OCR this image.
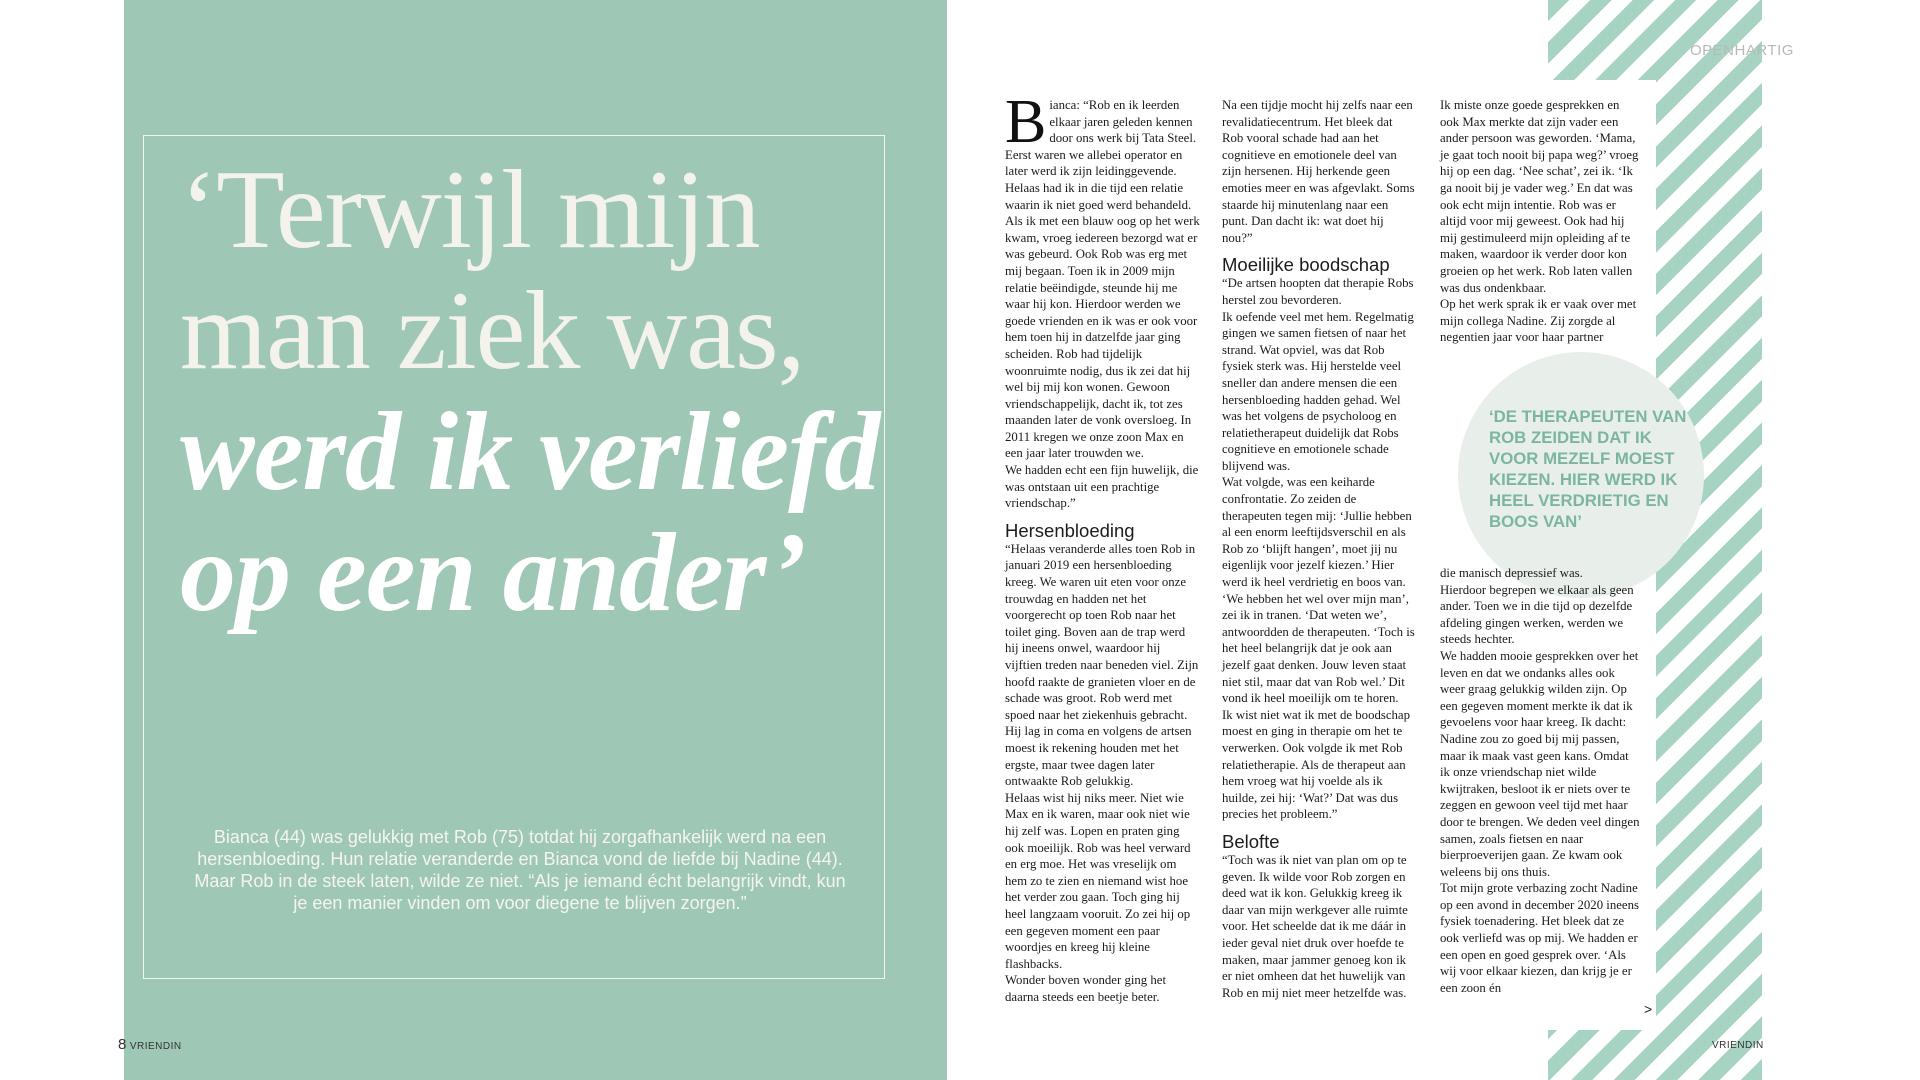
‘Terwijl mijn man ziek was, werd ik verliefd op een ander’
Bianca (44) was gelukkig met Rob (75) totdat hij zorgafhankelijk werd na een hersenbloeding. Hun relatie veranderde en Bianca vond de liefde bij Nadine (44). Maar Rob in de steek laten, wilde ze niet. “Als je iemand écht belangrijk vindt, kun je een manier vinden om voor diegene te blijven zorgen.”
8 VRIENDIN
OPENHARTIG
VRIENDIN
B ianca: “Rob en ik leerden elkaar jaren geleden kennen door ons werk bij Tata Steel. Eerst waren we allebei operator en later werd ik zijn leidinggevende. Helaas had ik in die tijd een relatie waarin ik niet goed werd behandeld. Als ik met een blauw oog op het werk kwam, vroeg iedereen bezorgd wat er was gebeurd. Ook Rob was erg met mij begaan. Toen ik in 2009 mijn relatie beëindigde, steunde hij me waar hij kon. Hierdoor werden we goede vrienden en ik was er ook voor hem toen hij in datzelfde jaar ging scheiden. Rob had tijdelijk woonruimte nodig, dus ik zei dat hij wel bij mij kon wonen. Gewoon vriendschappelijk, dacht ik, tot zes maanden later de vonk oversloeg. In 2011 kregen we onze zoon Max en een jaar later trouwden we.

We hadden echt een fijn huwelijk, die was ontstaan uit een prachtige vriendschap.”

Hersenbloeding

“Helaas veranderde alles toen Rob in januari 2019 een hersenbloeding kreeg. We waren uit eten voor onze trouwdag en hadden net het voorgerecht op toen Rob naar het toilet ging. Boven aan de trap werd hij ineens onwel, waardoor hij vijftien treden naar beneden viel. Zijn hoofd raakte de granieten vloer en de schade was groot. Rob werd met spoed naar het ziekenhuis gebracht. Hij lag in coma en volgens de artsen moest ik rekening houden met het ergste, maar twee dagen later ontwaakte Rob gelukkig.

Helaas wist hij niks meer. Niet wie Max en ik waren, maar ook niet wie hij zelf was. Lopen en praten ging ook moeilijk. Rob was heel verward en erg moe. Het was vreselijk om hem zo te zien en niemand wist hoe het verder zou gaan. Toch ging hij heel langzaam vooruit. Zo zei hij op een gegeven moment een paar woordjes en kreeg hij kleine flashbacks.

Wonder boven wonder ging het daarna steeds een beetje beter.

Na een tijdje mocht hij zelfs naar een revalidatiecentrum. Het bleek dat Rob vooral schade had aan het cognitieve en emotionele deel van zijn hersenen. Hij herkende geen emoties meer en was afgevlakt. Soms staarde hij minutenlang naar een punt. Dan dacht ik: wat doet hij nou?”

Moeilijke boodschap

“De artsen hoopten dat therapie Robs herstel zou bevorderen.

Ik oefende veel met hem. Regelmatig gingen we samen fietsen of naar het strand. Wat opviel, was dat Rob fysiek sterk was. Hij herstelde veel sneller dan andere mensen die een hersenbloeding hadden gehad. Wel was het volgens de psycholoog en relatietherapeut duidelijk dat Robs cognitieve en emotionele schade blijvend was.

Wat volgde, was een keiharde confrontatie. Zo zeiden de therapeuten tegen mij: ‘Jullie hebben al een enorm leeftijdsverschil en als Rob zo ‘blijft hangen’, moet jij nu eigenlijk voor jezelf kiezen.’ Hier werd ik heel verdrietig en boos van. ‘We hebben het wel over mijn man’, zei ik in tranen. ‘Dat weten we’, antwoordden de therapeuten. ‘Toch is het heel belangrijk dat je ook aan jezelf gaat denken. Jouw leven staat niet stil, maar dat van Rob wel.’ Dit vond ik heel moeilijk om te horen.

Ik wist niet wat ik met de boodschap moest en ging in therapie om het te verwerken. Ook volgde ik met Rob relatietherapie. Als de therapeut aan hem vroeg wat hij voelde als ik huilde, zei hij: ‘Wat?’ Dat was dus precies het probleem.”

Belofte

“Toch was ik niet van plan om op te geven. Ik wilde voor Rob zorgen en deed wat ik kon. Gelukkig kreeg ik daar van mijn werkgever alle ruimte voor. Het scheelde dat ik me dáár in ieder geval niet druk over hoefde te maken, maar jammer genoeg kon ik er niet omheen dat het huwelijk van Rob en mij niet meer hetzelfde was.

Ik miste onze goede gesprekken en ook Max merkte dat zijn vader een ander persoon was geworden. ‘Mama, je gaat toch nooit bij papa weg?’ vroeg hij op een dag. ‘Nee schat’, zei ik. ‘Ik ga nooit bij je vader weg.’ En dat was ook echt mijn intentie. Rob was er altijd voor mij geweest. Ook had hij mij gestimuleerd mijn opleiding af te maken, waardoor ik verder door kon groeien op het werk. Rob laten vallen was dus ondenkbaar.

Op het werk sprak ik er vaak over met mijn collega Nadine. Zij zorgde al negentien jaar voor haar partner

‘DE THERAPEUTEN VAN ROB ZEIDEN DAT IK VOOR MEZELF MOEST KIEZEN. HIER WERD IK HEEL VERDRIETIG EN BOOS VAN’

die manisch depressief was.

Hierdoor begrepen we elkaar als geen ander. Toen we in die tijd op dezelfde afdeling gingen werken, werden we steeds hechter.

We hadden mooie gesprekken over het leven en dat we ondanks alles ook weer graag gelukkig wilden zijn. Op een gegeven moment merkte ik dat ik gevoelens voor haar kreeg. Ik dacht: Nadine zou zo goed bij mij passen, maar ik maak vast geen kans. Omdat ik onze vriendschap niet wilde kwijtraken, besloot ik er niets over te zeggen en gewoon veel tijd met haar door te brengen. We deden veel dingen samen, zoals fietsen en naar bierproeverijen gaan. Ze kwam ook weleens bij ons thuis.

Tot mijn grote verbazing zocht Nadine op een avond in december 2020 ineens fysiek toenadering. Het bleek dat ze ook verliefd was op mij. We hadden er een open en goed gesprek over. ‘Als wij voor elkaar kiezen, dan krijg je er een zoon én

>
